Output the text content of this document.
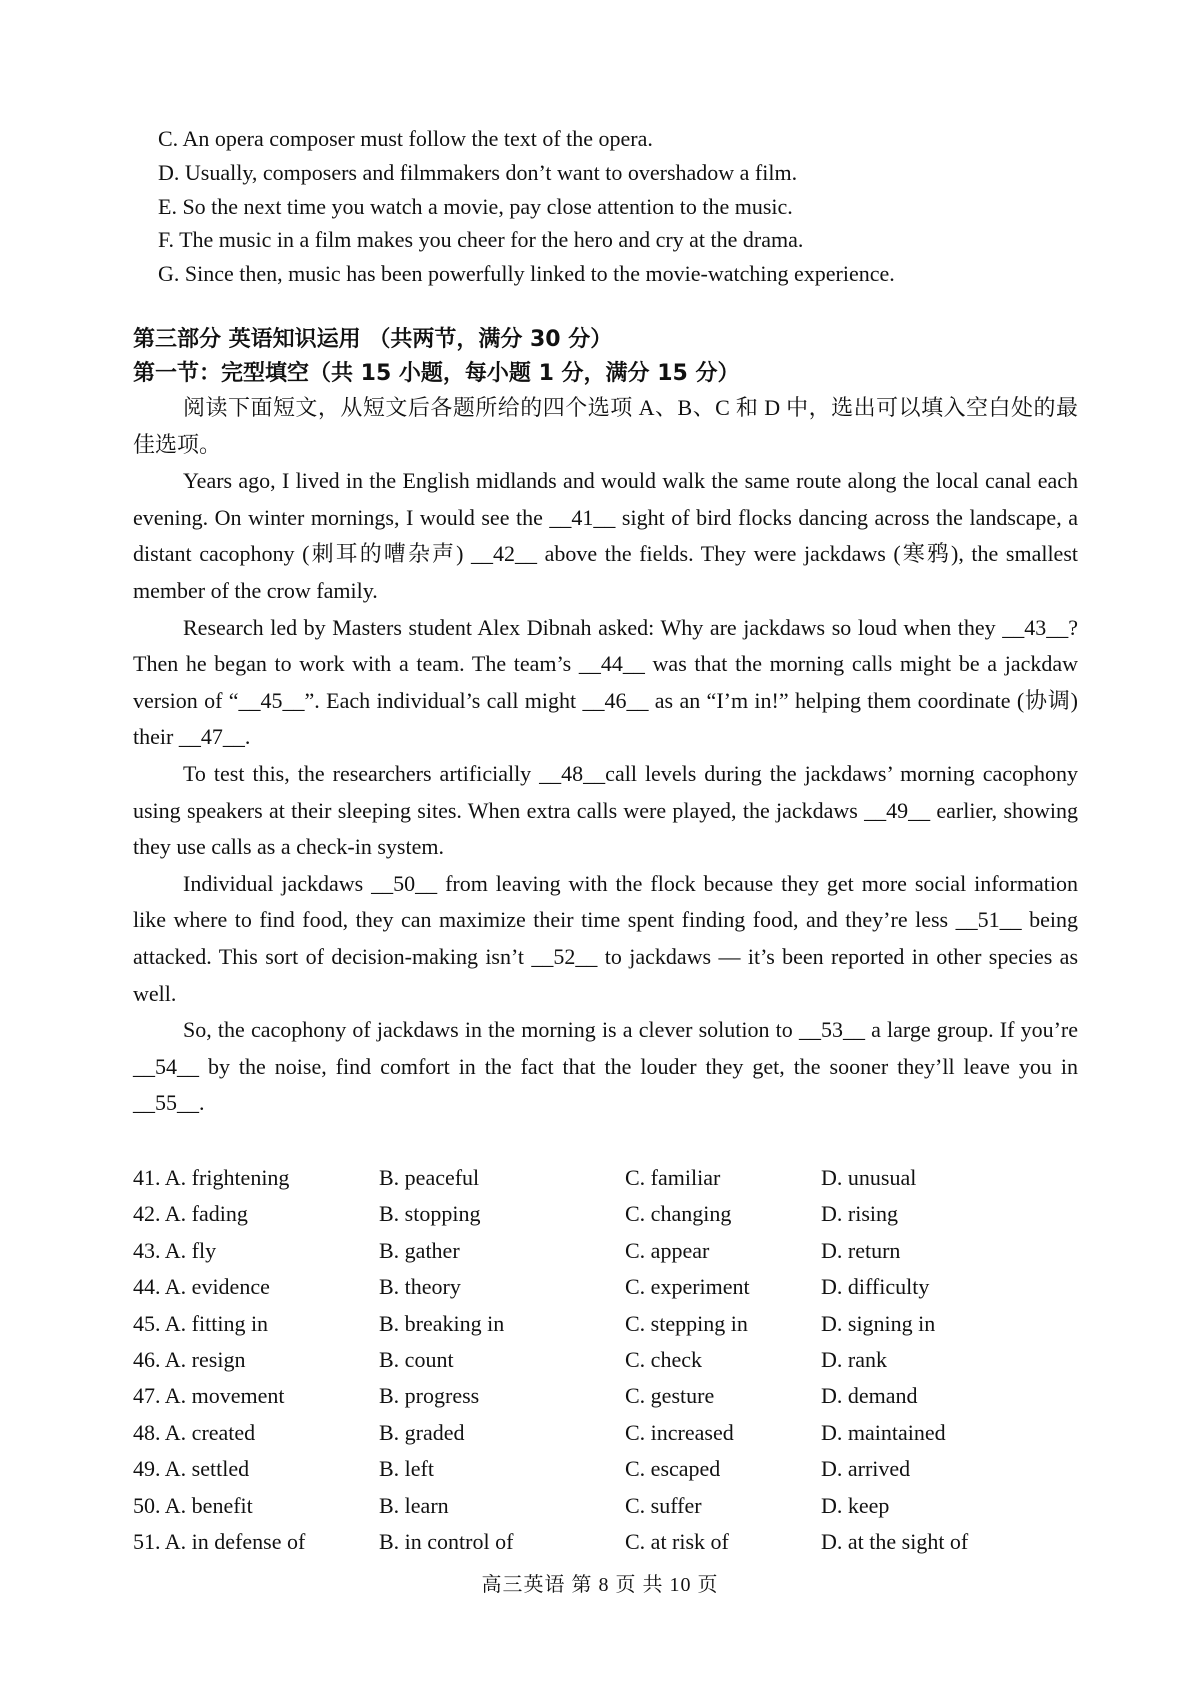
C. An opera composer must follow the text of the opera.
D. Usually, composers and filmmakers don’t want to overshadow a film.
E. So the next time you watch a movie, pay close attention to the music.
F. The music in a film makes you cheer for the hero and cry at the drama.
G. Since then, music has been powerfully linked to the movie-watching experience.
第三部分 英语知识运用 （共两节，满分 30 分）
第一节：完型填空（共 15 小题，每小题 1 分，满分 15 分）

阅读下面短文，从短文后各题所给的四个选项 A、B、C 和 D 中，选出可以填入空白处的最佳选项。

Years ago, I lived in the English midlands and would walk the same route along the local canal each evening. On winter mornings, I would see the __41__ sight of bird flocks dancing across the landscape, a distant cacophony (刺耳的嘈杂声) __42__ above the fields. They were jackdaws (寒鸦), the smallest member of the crow family.

Research led by Masters student Alex Dibnah asked: Why are jackdaws so loud when they __43__? Then he began to work with a team. The team’s __44__ was that the morning calls might be a jackdaw version of “__45__”. Each individual’s call might __46__ as an “I’m in!” helping them coordinate (协调) their __47__.

To test this, the researchers artificially __48__call levels during the jackdaws’ morning cacophony using speakers at their sleeping sites. When extra calls were played, the jackdaws __49__ earlier, showing they use calls as a check-in system.

Individual jackdaws __50__ from leaving with the flock because they get more social information like where to find food, they can maximize their time spent finding food, and they’re less __51__ being attacked. This sort of decision-making isn’t __52__ to jackdaws — it’s been reported in other species as well.

So, the cacophony of jackdaws in the morning is a clever solution to __53__ a large group. If you’re __54__ by the noise, find comfort in the fact that the louder they get, the sooner they’ll leave you in __55__.

41. A. frightening	B. peaceful	C. familiar	D. unusual
42. A. fading	B. stopping	C. changing	D. rising
43. A. fly	B. gather	C. appear	D. return
44. A. evidence	B. theory	C. experiment	D. difficulty
45. A. fitting in	B. breaking in	C. stepping in	D. signing in
46. A. resign	B. count	C. check	D. rank
47. A. movement	B. progress	C. gesture	D. demand
48. A. created	B. graded	C. increased	D. maintained
49. A. settled	B. left	C. escaped	D. arrived
50. A. benefit	B. learn	C. suffer	D. keep
51. A. in defense of	B. in control of	C. at risk of	D. at the sight of
高三英语 第 8 页 共 10 页
